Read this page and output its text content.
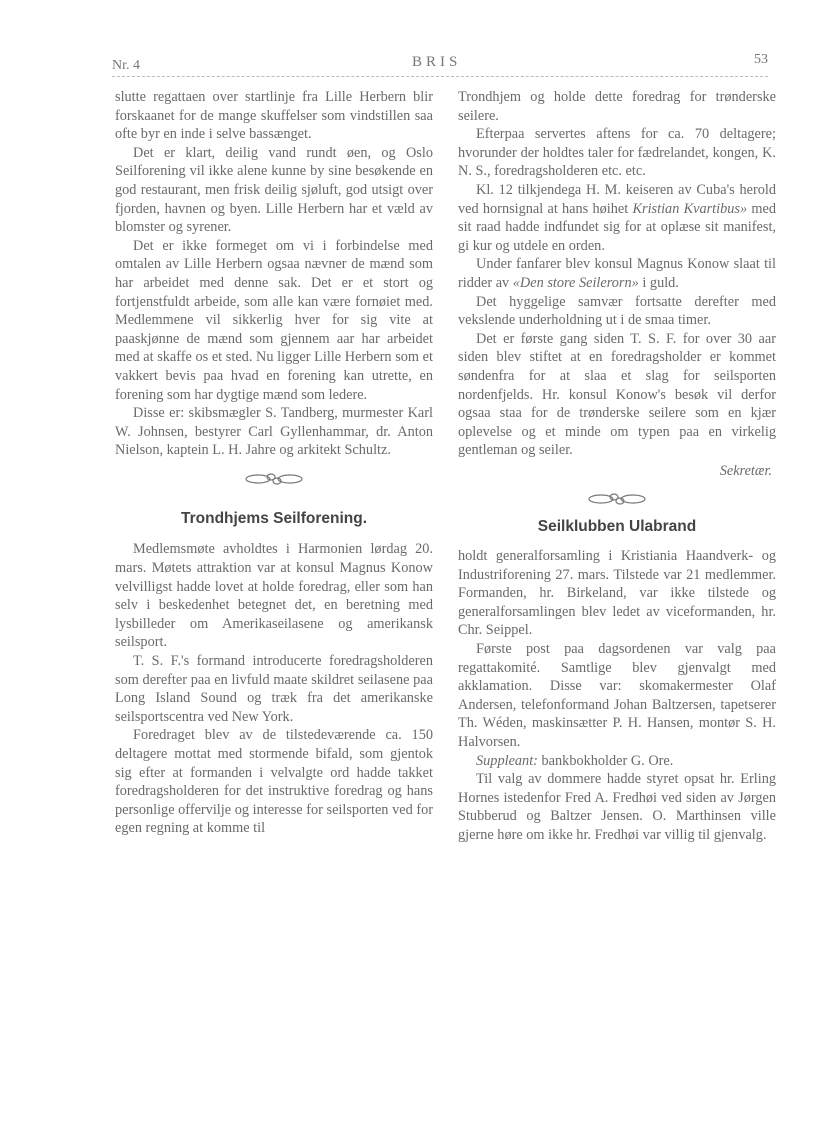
Nr. 4	BRIS	53

slutte regattaen over startlinje fra Lille Herbern blir forskaanet for de mange skuffelser som vindstillen saa ofte byr en inde i selve bassænget.

Det er klart, deilig vand rundt øen, og Oslo Seilforening vil ikke alene kunne by sine besøkende en god restaurant, men frisk deilig sjøluft, god utsigt over fjorden, havnen og byen. Lille Herbern har et væld av blomster og syrener.

Det er ikke formeget om vi i forbindelse med omtalen av Lille Herbern ogsaa nævner de mænd som har arbeidet med denne sak. Det er et stort og fortjenstfuldt arbeide, som alle kan være fornøiet med. Medlemmene vil sikkerlig hver for sig vite at paaskjønne de mænd som gjennem aar har arbeidet med at skaffe os et sted. Nu ligger Lille Herbern som et vakkert bevis paa hvad en forening kan utrette, en forening som har dygtige mænd som ledere.

Disse er: skibsmægler S. Tandberg, murmester Karl W. Johnsen, bestyrer Carl Gyllenhammar, dr. Anton Nielson, kaptein L. H. Jahre og arkitekt Schultz.

Trondhjems Seilforening.

Medlemsmøte avholdtes i Harmonien lørdag 20. mars. Møtets attraktion var at konsul Magnus Konow velvilligst hadde lovet at holde foredrag, eller som han selv i beskedenhet betegnet det, en beretning med lysbilleder om Amerikaseilasene og amerikansk seilsport.

T. S. F.'s formand introducerte foredragsholderen som derefter paa en livfuld maate skildret seilasene paa Long Island Sound og træk fra det amerikanske seilsportscentra ved New York.

Foredraget blev av de tilstedeværende ca. 150 deltagere mottat med stormende bifald, som gjentok sig efter at formanden i velvalgte ord hadde takket foredragsholderen for det instruktive foredrag og hans personlige offervilje og interesse for seilsporten ved for egen regning at komme til

Trondhjem og holde dette foredrag for trønderske seilere.

Efterpaa servertes aftens for ca. 70 deltagere; hvorunder der holdtes taler for fædrelandet, kongen, K. N. S., foredragsholderen etc. etc.

Kl. 12 tilkjendega H. M. keiseren av Cuba's herold ved hornsignal at hans høihet Kristian Kvartibus» med sit raad hadde indfundet sig for at oplæse sit manifest, gi kur og utdele en orden.

Under fanfarer blev konsul Magnus Konow slaat til ridder av «Den store Seilerorn» i guld.

Det hyggelige samvær fortsatte derefter med vekslende underholdning ut i de smaa timer.

Det er første gang siden T. S. F. for over 30 aar siden blev stiftet at en foredragsholder er kommet søndenfra for at slaa et slag for seilsporten nordenfjelds. Hr. konsul Konow's besøk vil derfor ogsaa staa for de trønderske seilere som en kjær oplevelse og et minde om typen paa en virkelig gentleman og seiler.

Sekretær.
Seilklubben Ulabrand

holdt generalforsamling i Kristiania Haandverk- og Industriforening 27. mars. Tilstede var 21 medlemmer. Formanden, hr. Birkeland, var ikke tilstede og generalforsamlingen blev ledet av viceformanden, hr. Chr. Seippel.

Første post paa dagsordenen var valg paa regattakomité. Samtlige blev gjenvalgt med akklamation. Disse var: skomakermester Olaf Andersen, telefonformand Johan Baltzersen, tapetserer Th. Wéden, maskinsætter P. H. Hansen, montør S. H. Halvorsen.

Suppleant: bankbokholder G. Ore.

Til valg av dommere hadde styret opsat hr. Erling Hornes istedenfor Fred A. Fredhøi ved siden av Jørgen Stubberud og Baltzer Jensen. O. Marthinsen ville gjerne høre om ikke hr. Fredhøi var villig til gjenvalg.
